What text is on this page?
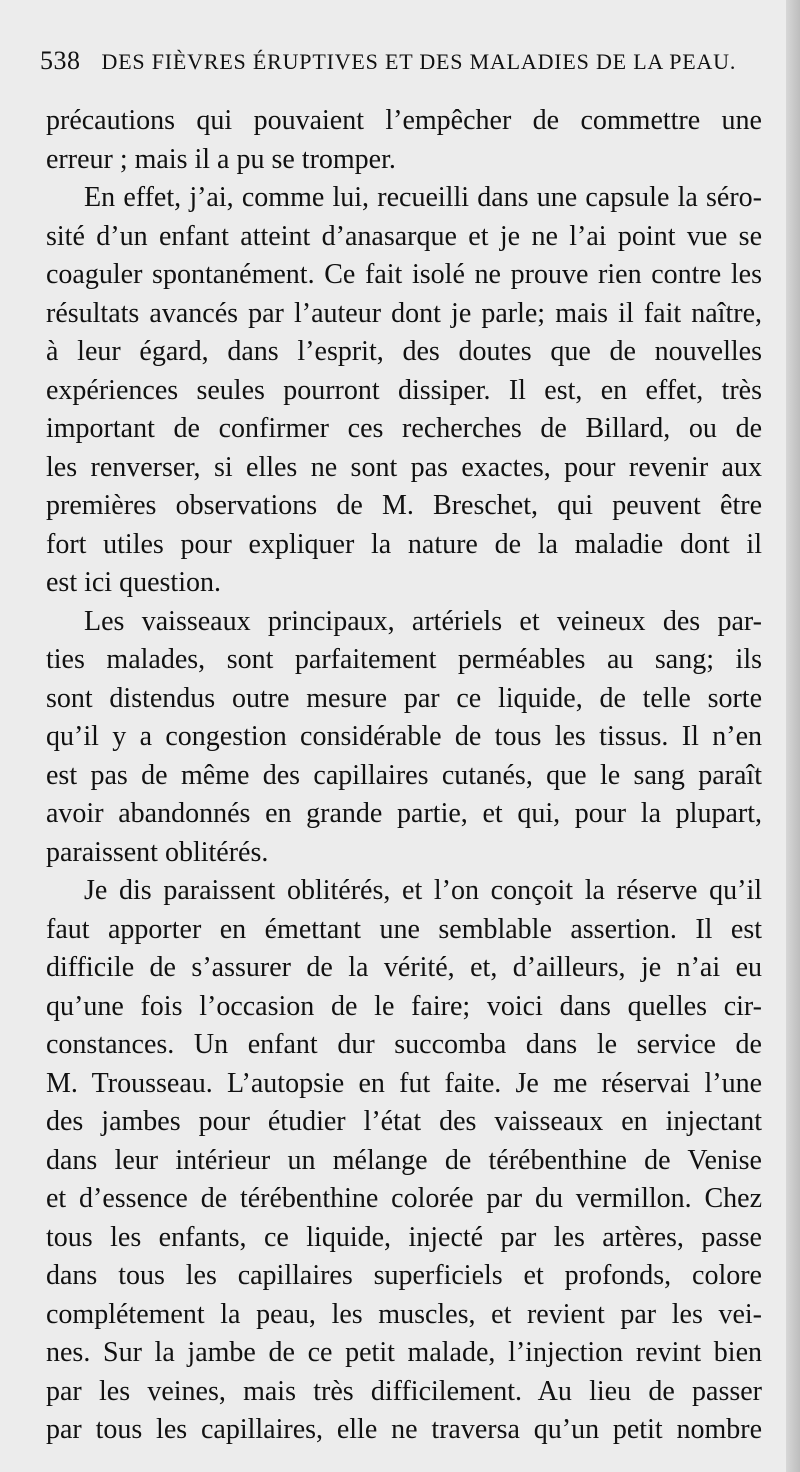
538 DES FIÈVRES ÉRUPTIVES ET DES MALADIES DE LA PEAU.
précautions qui pouvaient l’empêcher de commettre une
erreur ; mais il a pu se tromper.
En effet, j’ai, comme lui, recueilli dans une capsule la séro-
sité d’un enfant atteint d’anasarque et je ne l’ai point vue se
coaguler spontanément. Ce fait isolé ne prouve rien contre les
résultats avancés par l’auteur dont je parle; mais il fait naître,
à leur égard, dans l’esprit, des doutes que de nouvelles
expériences seules pourront dissiper. Il est, en effet, très
important de confirmer ces recherches de Billard, ou de
les renverser, si elles ne sont pas exactes, pour revenir aux
premières observations de M. Breschet, qui peuvent être
fort utiles pour expliquer la nature de la maladie dont il
est ici question.
Les vaisseaux principaux, artériels et veineux des par-
ties malades, sont parfaitement perméables au sang; ils
sont distendus outre mesure par ce liquide, de telle sorte
qu’il y a congestion considérable de tous les tissus. Il n’en
est pas de même des capillaires cutanés, que le sang paraît
avoir abandonnés en grande partie, et qui, pour la plupart,
paraissent oblitérés.
Je dis paraissent oblitérés, et l’on conçoit la réserve qu’il
faut apporter en émettant une semblable assertion. Il est
difficile de s’assurer de la vérité, et, d’ailleurs, je n’ai eu
qu’une fois l’occasion de le faire; voici dans quelles cir-
constances. Un enfant dur succomba dans le service de
M. Trousseau. L’autopsie en fut faite. Je me réservai l’une
des jambes pour étudier l’état des vaisseaux en injectant
dans leur intérieur un mélange de térébenthine de Venise
et d’essence de térébenthine colorée par du vermillon. Chez
tous les enfants, ce liquide, injecté par les artères, passe
dans tous les capillaires superficiels et profonds, colore
complétement la peau, les muscles, et revient par les vei-
nes. Sur la jambe de ce petit malade, l’injection revint bien
par les veines, mais très difficilement. Au lieu de passer
par tous les capillaires, elle ne traversa qu’un petit nombre
